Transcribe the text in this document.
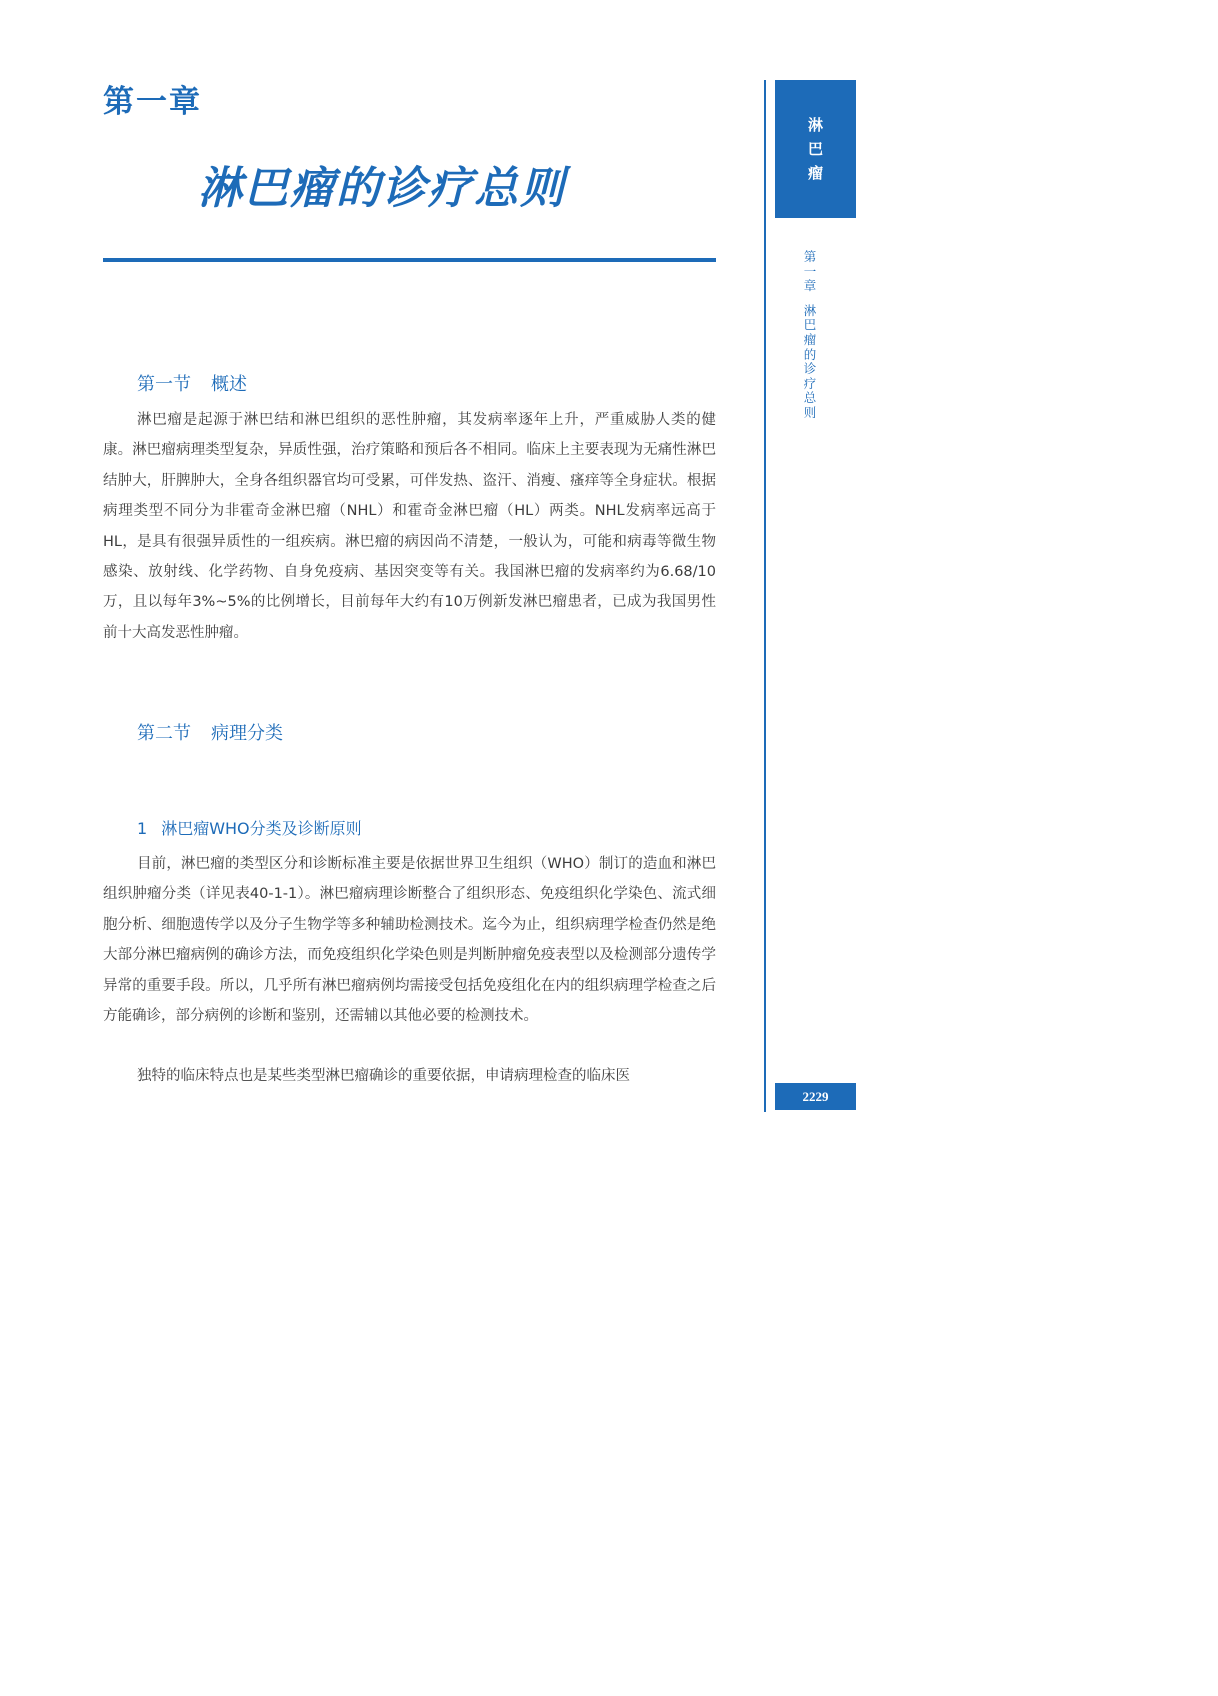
第一章
淋巴瘤的诊疗总则
第一节 概述

淋巴瘤是起源于淋巴结和淋巴组织的恶性肿瘤，其发病率逐年上升，严重威胁人类的健康。淋巴瘤病理类型复杂，异质性强，治疗策略和预后各不相同。临床上主要表现为无痛性淋巴结肿大，肝脾肿大，全身各组织器官均可受累，可伴发热、盗汗、消瘦、瘙痒等全身症状。根据病理类型不同分为非霍奇金淋巴瘤（NHL）和霍奇金淋巴瘤（HL）两类。NHL发病率远高于HL，是具有很强异质性的一组疾病。淋巴瘤的病因尚不清楚，一般认为，可能和病毒等微生物感染、放射线、化学药物、自身免疫病、基因突变等有关。我国淋巴瘤的发病率约为6.68/10万，且以每年3%~5%的比例增长，目前每年大约有10万例新发淋巴瘤患者，已成为我国男性前十大高发恶性肿瘤。

第二节 病理分类
1 淋巴瘤WHO分类及诊断原则

目前，淋巴瘤的类型区分和诊断标准主要是依据世界卫生组织（WHO）制订的造血和淋巴组织肿瘤分类（详见表40-1-1）。淋巴瘤病理诊断整合了组织形态、免疫组织化学染色、流式细胞分析、细胞遗传学以及分子生物学等多种辅助检测技术。迄今为止，组织病理学检查仍然是绝大部分淋巴瘤病例的确诊方法，而免疫组织化学染色则是判断肿瘤免疫表型以及检测部分遗传学异常的重要手段。所以，几乎所有淋巴瘤病例均需接受包括免疫组化在内的组织病理学检查之后方能确诊，部分病例的诊断和鉴别，还需辅以其他必要的检测技术。

独特的临床特点也是某些类型淋巴瘤确诊的重要依据，申请病理检查的临床医

淋
巴
瘤
第
一
章
淋
巴
瘤
的
诊
疗
总
则
2229
